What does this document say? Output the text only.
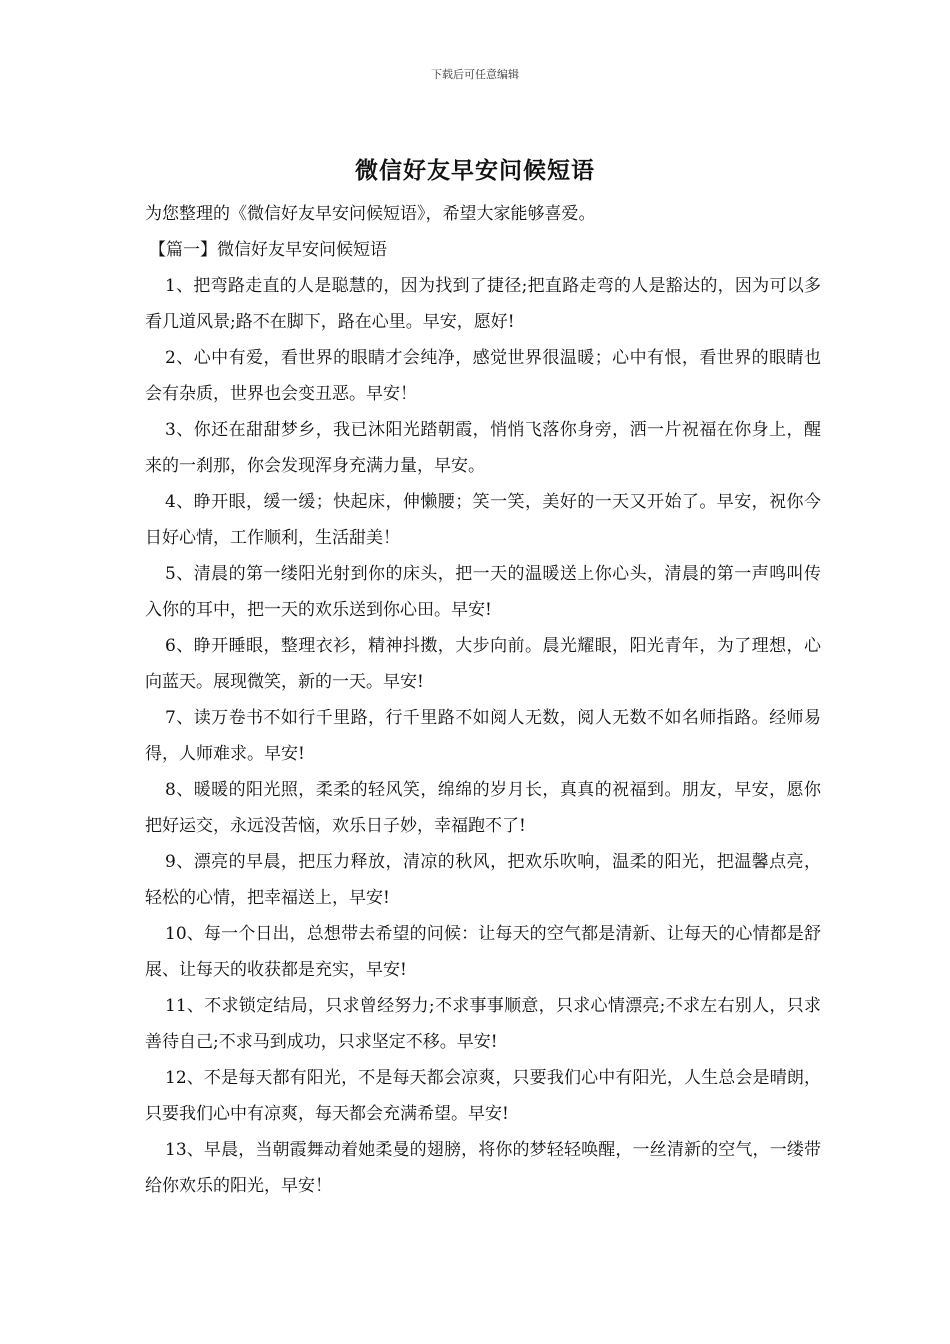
下载后可任意编辑
微信好友早安问候短语

为您整理的《微信好友早安问候短语》，希望大家能够喜爱。

【篇一】微信好友早安问候短语

1、把弯路走直的人是聪慧的，因为找到了捷径;把直路走弯的人是豁达的，因为可以多看几道风景;路不在脚下，路在心里。早安，愿好!

2、心中有爱，看世界的眼睛才会纯净，感觉世界很温暖；心中有恨，看世界的眼睛也会有杂质，世界也会变丑恶。早安！

3、你还在甜甜梦乡，我已沐阳光踏朝霞，悄悄飞落你身旁，洒一片祝福在你身上，醒来的一刹那，你会发现浑身充满力量，早安。

4、睁开眼，缓一缓；快起床，伸懒腰；笑一笑，美好的一天又开始了。早安，祝你今日好心情，工作顺利，生活甜美！

5、清晨的第一缕阳光射到你的床头，把一天的温暖送上你心头，清晨的第一声鸣叫传入你的耳中，把一天的欢乐送到你心田。早安!

6、睁开睡眼，整理衣衫，精神抖擞，大步向前。晨光耀眼，阳光青年，为了理想，心向蓝天。展现微笑，新的一天。早安!

7、读万卷书不如行千里路，行千里路不如阅人无数，阅人无数不如名师指路。经师易得，人师难求。早安!

8、暖暖的阳光照，柔柔的轻风笑，绵绵的岁月长，真真的祝福到。朋友，早安，愿你把好运交，永远没苦恼，欢乐日子妙，幸福跑不了!

9、漂亮的早晨，把压力释放，清凉的秋风，把欢乐吹响，温柔的阳光，把温馨点亮，轻松的心情，把幸福送上，早安!

10、每一个日出，总想带去希望的问候：让每天的空气都是清新、让每天的心情都是舒展、让每天的收获都是充实，早安!

11、不求锁定结局，只求曾经努力;不求事事顺意，只求心情漂亮;不求左右别人，只求善待自己;不求马到成功，只求坚定不移。早安!

12、不是每天都有阳光，不是每天都会凉爽，只要我们心中有阳光，人生总会是晴朗，只要我们心中有凉爽，每天都会充满希望。早安!

13、早晨，当朝霞舞动着她柔曼的翅膀，将你的梦轻轻唤醒，一丝清新的空气，一缕带给你欢乐的阳光，早安！
